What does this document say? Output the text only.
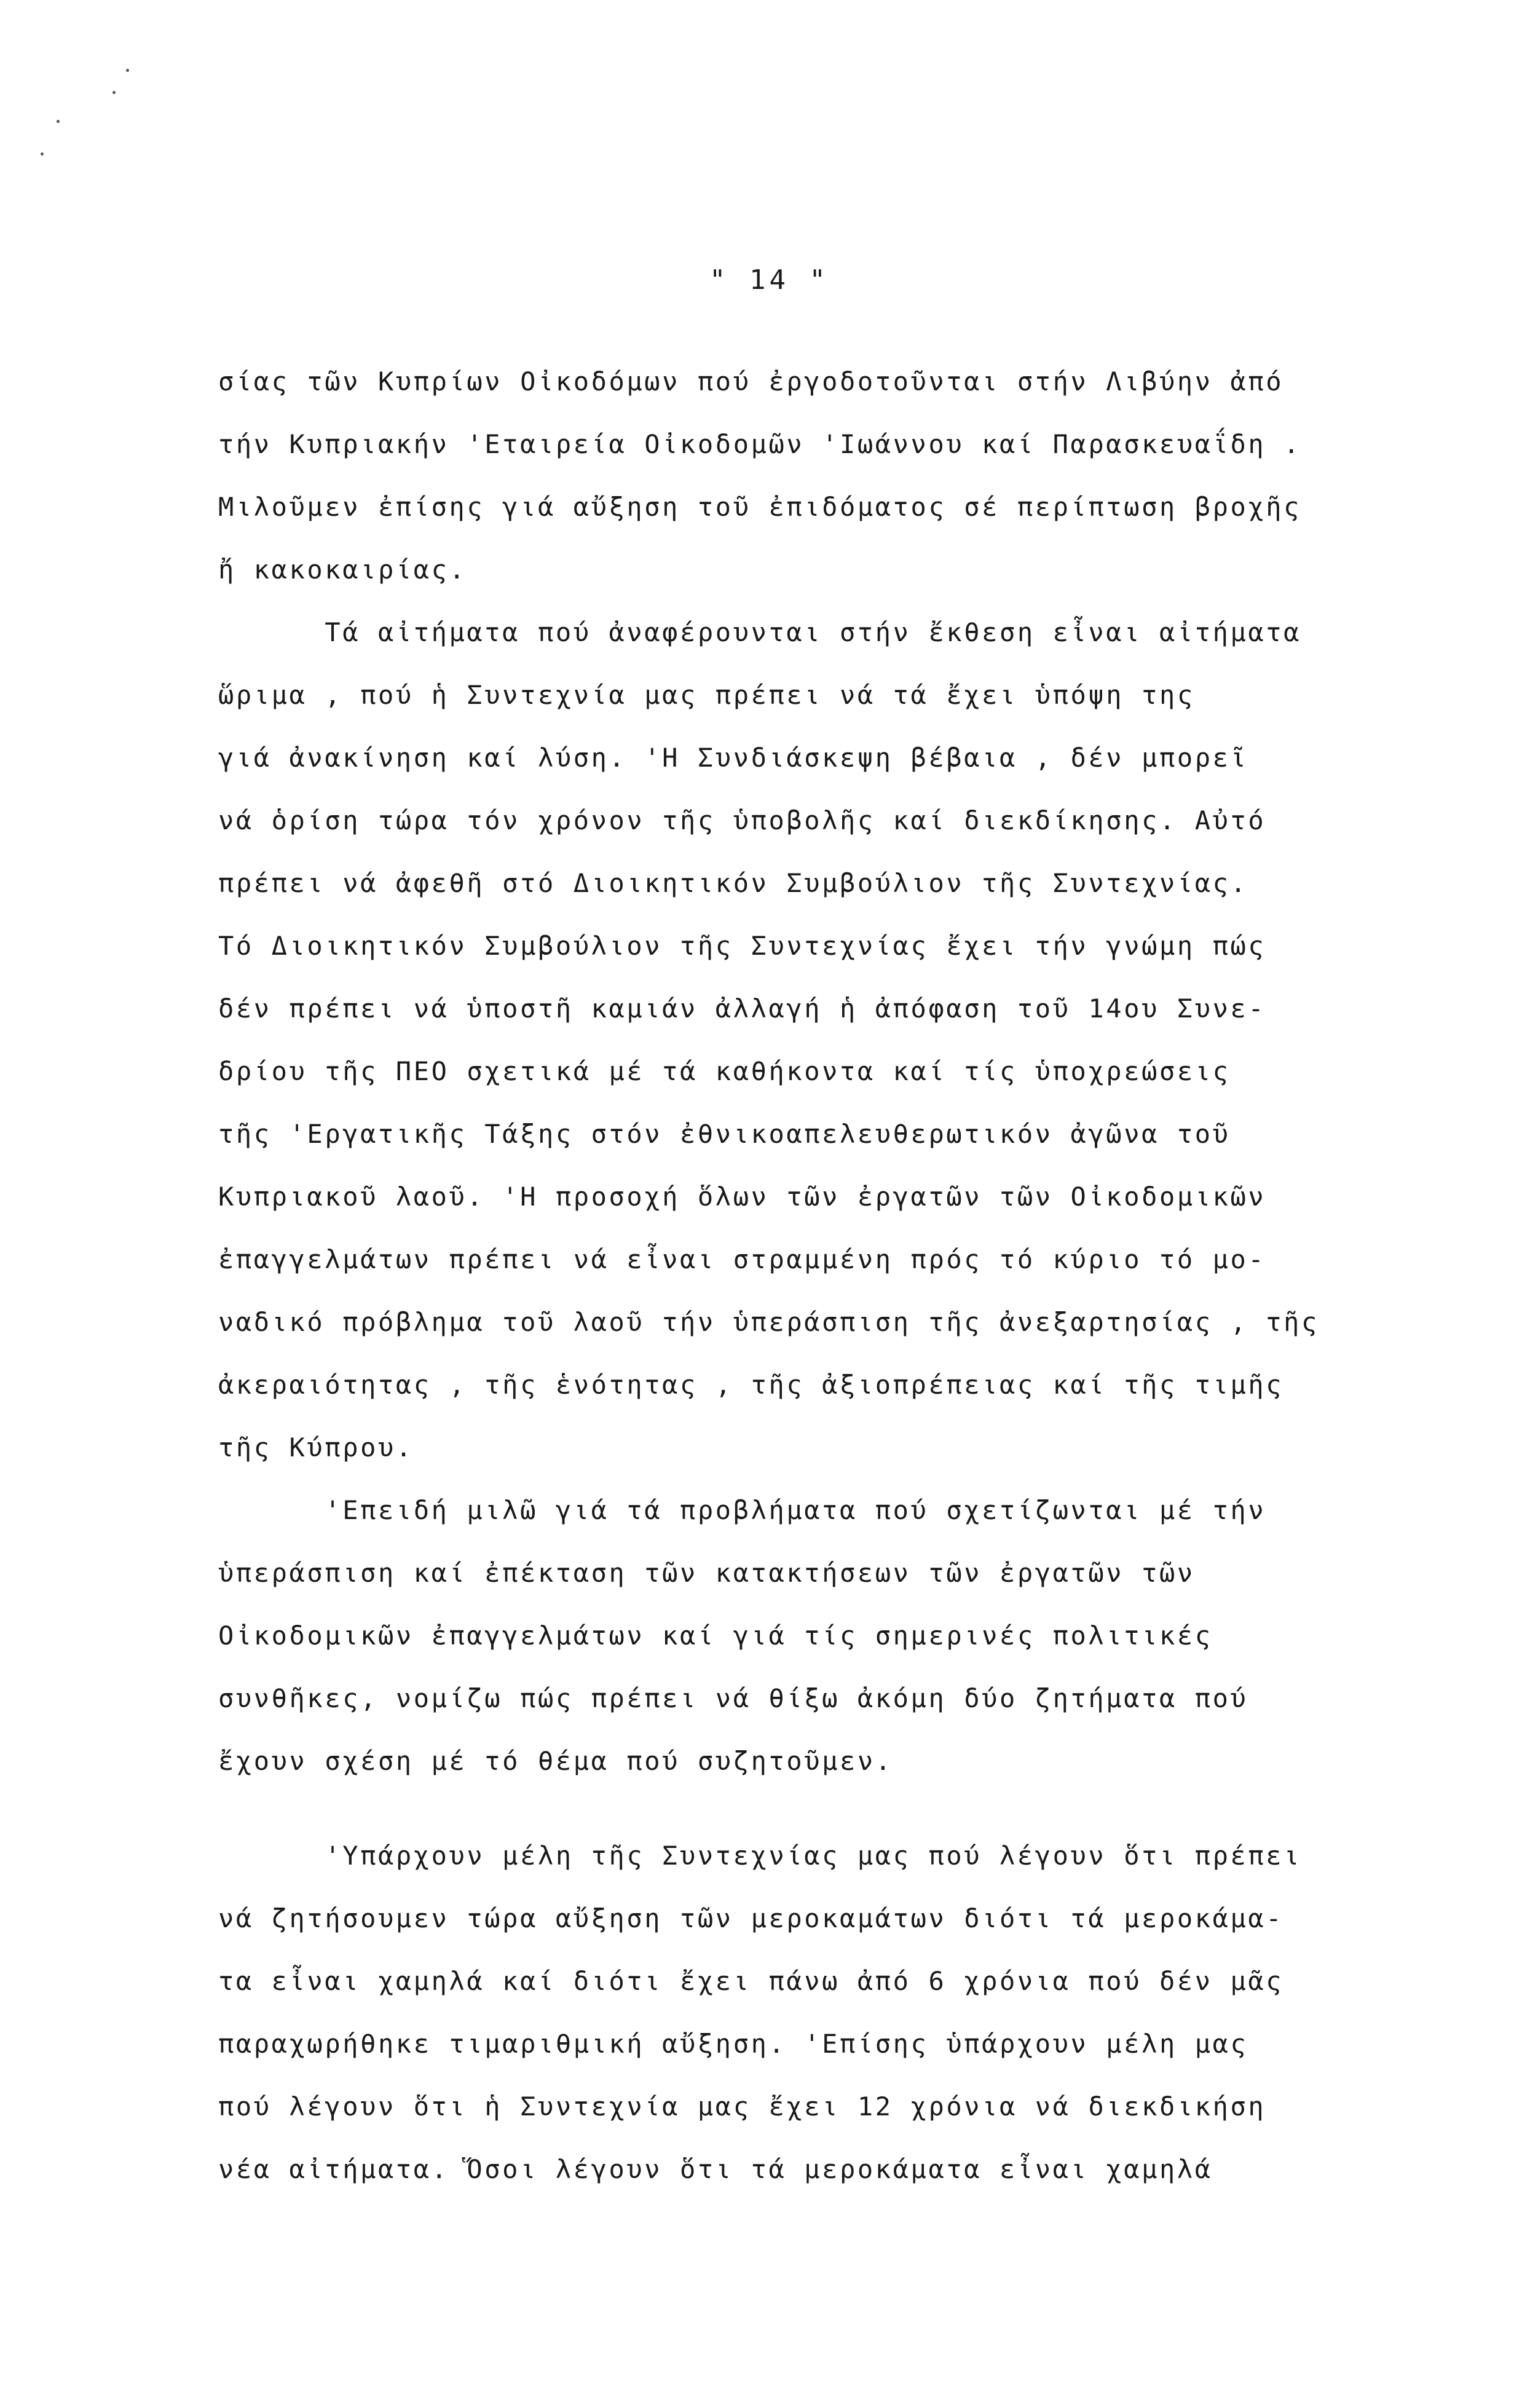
" 14 "
σίας τῶν Κυπρίων Οἰκοδόμων πού ἐργοδοτοῦνται στήν Λιβύην ἀπό
τήν Κυπριακήν 'Εταιρεία Οἰκοδομῶν 'Ιωάννου καί Παρασκευαΐδη .
Μιλοῦμεν ἐπίσης γιά αὔξηση τοῦ ἐπιδόματος σέ περίπτωση βροχῆς
ἤ κακοκαιρίας.
Τά αἰτήματα πού ἀναφέρουνται στήν ἔκθεση εἶναι αἰτήματα
ὥριμα , πού ἡ Συντεχνία μας πρέπει νά τά ἔχει ὑπόψη της
γιά ἀνακίνηση καί λύση. 'Η Συνδιάσκεψη βέβαια , δέν μπορεῖ
νά ὁρίση τώρα τόν χρόνον τῆς ὑποβολῆς καί διεκδίκησης. Αὐτό
πρέπει νά ἀφεθῆ στό Διοικητικόν Συμβούλιον τῆς Συντεχνίας.
Τό Διοικητικόν Συμβούλιον τῆς Συντεχνίας ἔχει τήν γνώμη πώς
δέν πρέπει νά ὑποστῆ καμιάν ἀλλαγή ἡ ἀπόφαση τοῦ 14ου Συνε-
δρίου τῆς ΠΕΟ σχετικά μέ τά καθήκοντα καί τίς ὑποχρεώσεις
τῆς 'Εργατικῆς Τάξης στόν ἐθνικοαπελευθερωτικόν ἀγῶνα τοῦ
Κυπριακοῦ λαοῦ. 'Η προσοχή ὅλων τῶν ἐργατῶν τῶν Οἰκοδομικῶν
ἐπαγγελμάτων πρέπει νά εἶναι στραμμένη πρός τό κύριο τό μο-
ναδικό πρόβλημα τοῦ λαοῦ τήν ὑπεράσπιση τῆς ἀνεξαρτησίας , τῆς
ἀκεραιότητας , τῆς ἑνότητας , τῆς ἀξιοπρέπειας καί τῆς τιμῆς
τῆς Κύπρου.
'Επειδή μιλῶ γιά τά προβλήματα πού σχετίζωνται μέ τήν
ὑπεράσπιση καί ἐπέκταση τῶν κατακτήσεων τῶν ἐργατῶν τῶν
Οἰκοδομικῶν ἐπαγγελμάτων καί γιά τίς σημερινές πολιτικές
συνθῆκες, νομίζω πώς πρέπει νά θίξω ἀκόμη δύο ζητήματα πού
ἔχουν σχέση μέ τό θέμα πού συζητοῦμεν.
'Υπάρχουν μέλη τῆς Συντεχνίας μας πού λέγουν ὅτι πρέπει
νά ζητήσουμεν τώρα αὔξηση τῶν μεροκαμάτων διότι τά μεροκάμα-
τα εἶναι χαμηλά καί διότι ἔχει πάνω ἀπό 6 χρόνια πού δέν μᾶς
παραχωρήθηκε τιμαριθμική αὔξηση. 'Επίσης ὑπάρχουν μέλη μας
πού λέγουν ὅτι ἡ Συντεχνία μας ἔχει 12 χρόνια νά διεκδικήση
νέα αἰτήματα. Ὅσοι λέγουν ὅτι τά μεροκάματα εἶναι χαμηλά
